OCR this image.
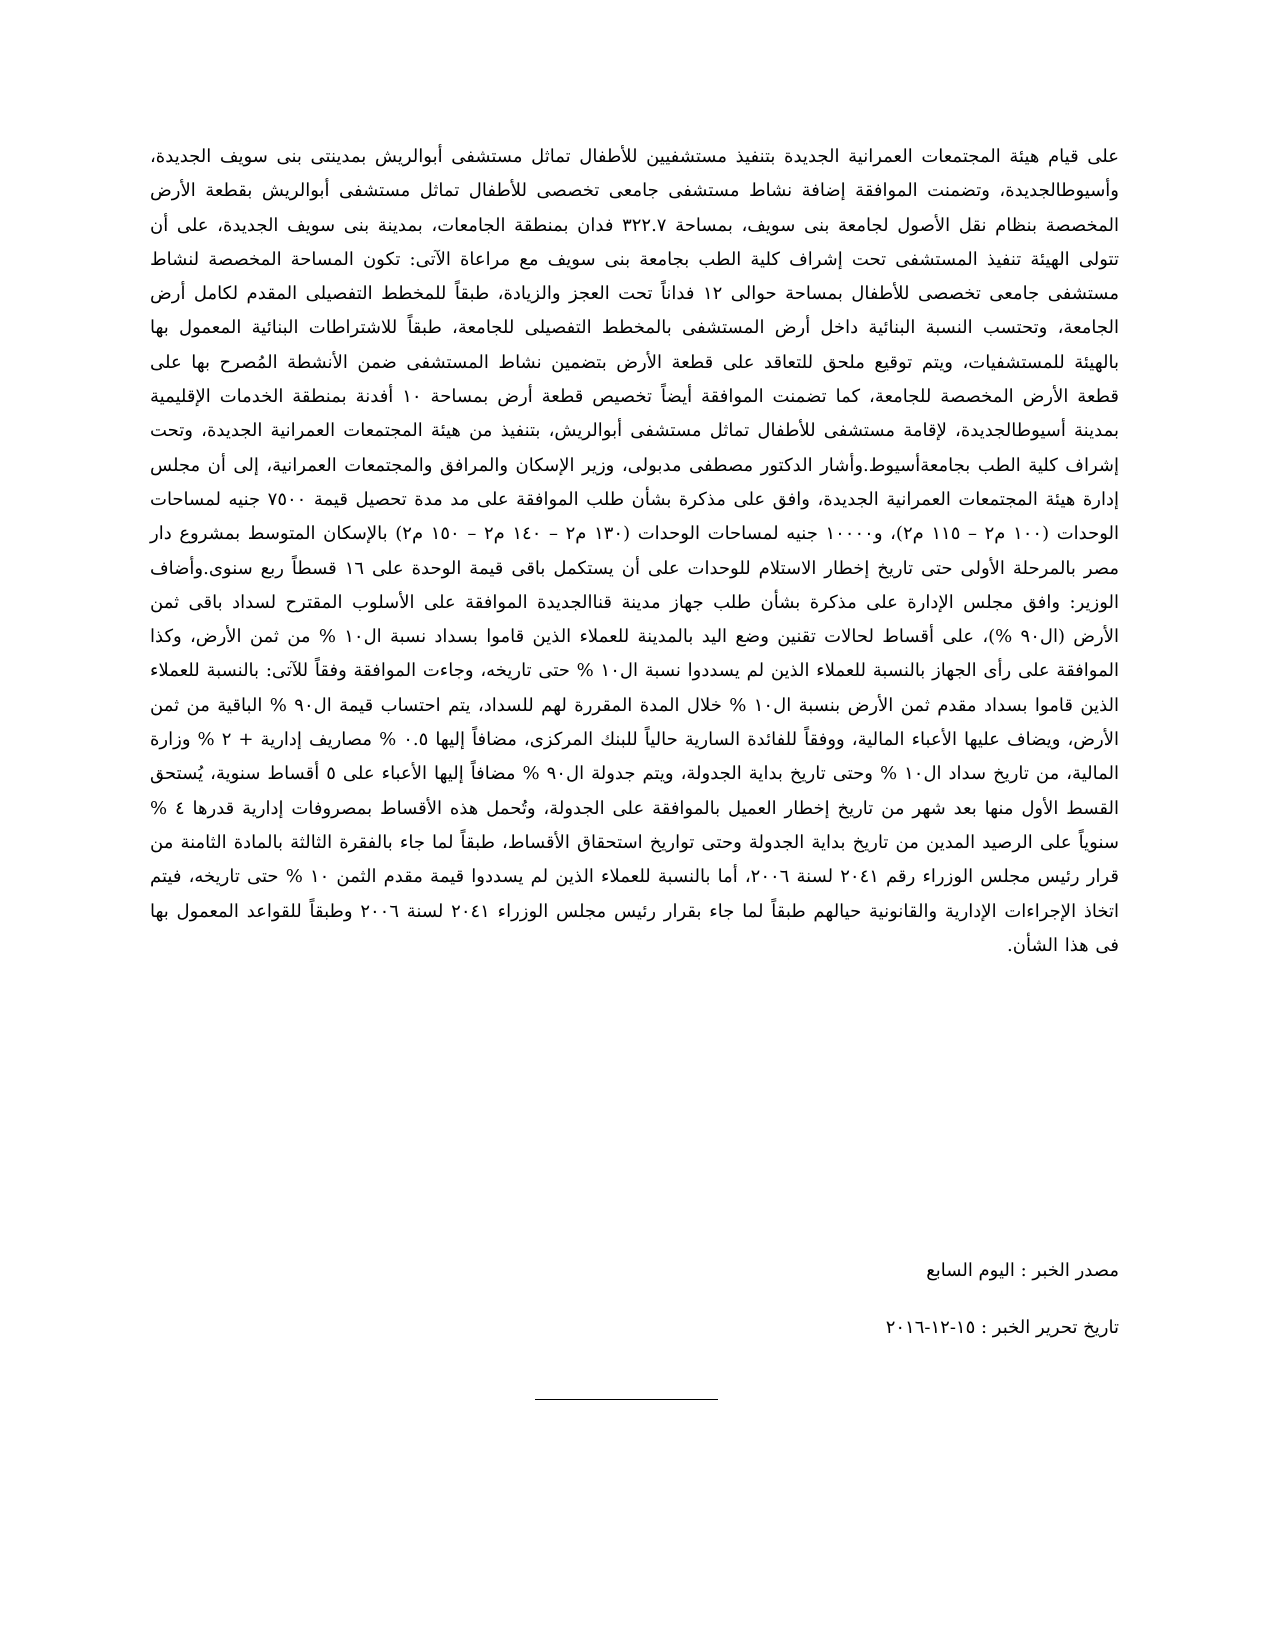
على قيام هيئة المجتمعات العمرانية الجديدة بتنفيذ مستشفيين للأطفال تماثل مستشفى أبوالريش بمدينتى بنى سويف الجديدة، وأسيوطالجديدة، وتضمنت الموافقة إضافة نشاط مستشفى جامعى تخصصى للأطفال تماثل مستشفى أبوالريش بقطعة الأرض المخصصة بنظام نقل الأصول لجامعة بنى سويف، بمساحة ٣٢٢.٧ فدان بمنطقة الجامعات، بمدينة بنى سويف الجديدة، على أن تتولى الهيئة تنفيذ المستشفى تحت إشراف كلية الطب بجامعة بنى سويف مع مراعاة الآتى: تكون المساحة المخصصة لنشاط مستشفى جامعى تخصصى للأطفال بمساحة حوالى ١٢ فداناً تحت العجز والزيادة، طبقاً للمخطط التفصيلى المقدم لكامل أرض الجامعة، وتحتسب النسبة البنائية داخل أرض المستشفى بالمخطط التفصيلى للجامعة، طبقاً للاشتراطات البنائية المعمول بها بالهيئة للمستشفيات، ويتم توقيع ملحق للتعاقد على قطعة الأرض بتضمين نشاط المستشفى ضمن الأنشطة المُصرح بها على قطعة الأرض المخصصة للجامعة، كما تضمنت الموافقة أيضاً تخصيص قطعة أرض بمساحة ١٠ أفدنة بمنطقة الخدمات الإقليمية بمدينة أسيوطالجديدة، لإقامة مستشفى للأطفال تماثل مستشفى أبوالريش، بتنفيذ من هيئة المجتمعات العمرانية الجديدة، وتحت إشراف كلية الطب بجامعةأسيوط.وأشار الدكتور مصطفى مدبولى، وزير الإسكان والمرافق والمجتمعات العمرانية، إلى أن مجلس إدارة هيئة المجتمعات العمرانية الجديدة، وافق على مذكرة بشأن طلب الموافقة على مد مدة تحصيل قيمة ٧٥٠٠ جنيه لمساحات الوحدات (١٠٠ م٢ – ١١٥ م٢)، و١٠٠٠٠ جنيه لمساحات الوحدات (١٣٠ م٢ – ١٤٠ م٢ – ١٥٠ م٢) بالإسكان المتوسط بمشروع دار مصر بالمرحلة الأولى حتى تاريخ إخطار الاستلام للوحدات على أن يستكمل باقى قيمة الوحدة على ١٦ قسطاً ربع سنوى.وأضاف الوزير: وافق مجلس الإدارة على مذكرة بشأن طلب جهاز مدينة قناالجديدة الموافقة على الأسلوب المقترح لسداد باقى ثمن الأرض (ال٩٠ %)، على أقساط لحالات تقنين وضع اليد بالمدينة للعملاء الذين قاموا بسداد نسبة ال١٠ % من ثمن الأرض، وكذا الموافقة على رأى الجهاز بالنسبة للعملاء الذين لم يسددوا نسبة ال١٠ % حتى تاريخه، وجاءت الموافقة وفقاً للآتى: بالنسبة للعملاء الذين قاموا بسداد مقدم ثمن الأرض بنسبة ال١٠ % خلال المدة المقررة لهم للسداد، يتم احتساب قيمة ال٩٠ % الباقية من ثمن الأرض، ويضاف عليها الأعباء المالية، ووفقاً للفائدة السارية حالياً للبنك المركزى، مضافاً إليها ٠.٥ % مصاريف إدارية + ٢ % وزارة المالية، من تاريخ سداد ال١٠ % وحتى تاريخ بداية الجدولة، ويتم جدولة ال٩٠ % مضافاً إليها الأعباء على ٥ أقساط سنوية، يُستحق القسط الأول منها بعد شهر من تاريخ إخطار العميل بالموافقة على الجدولة، وتُحمل هذه الأقساط بمصروفات إدارية قدرها ٤ % سنوياً على الرصيد المدين من تاريخ بداية الجدولة وحتى تواريخ استحقاق الأقساط، طبقاً لما جاء بالفقرة الثالثة بالمادة الثامنة من قرار رئيس مجلس الوزراء رقم ٢٠٤١ لسنة ٢٠٠٦، أما بالنسبة للعملاء الذين لم يسددوا قيمة مقدم الثمن ١٠ % حتى تاريخه، فيتم اتخاذ الإجراءات الإدارية والقانونية حيالهم طبقاً لما جاء بقرار رئيس مجلس الوزراء ٢٠٤١ لسنة ٢٠٠٦ وطبقاً للقواعد المعمول بها فى هذا الشأن.

مصدر الخبر : اليوم السابع

تاريخ تحرير الخبر : ١٥-١٢-٢٠١٦
